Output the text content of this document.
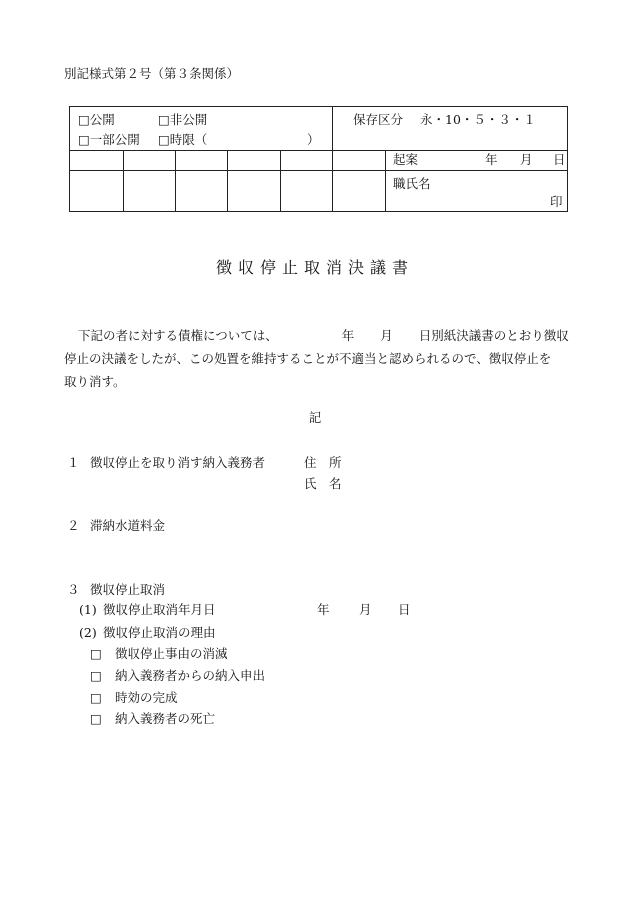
別記様式第２号（第３条関係）
□公開	□非公開
□一部公開 □時限（	）
保存区分 永・10・５・３・１
起案	年 月 日
職氏名
印
徴収停止取消決議書
下記の者に対する債権については、	年 月 日別紙決議書のとおり徴収
停止の決議をしたが、この処置を維持することが不適当と認められるので、徴収停止を
取り消す。
記
１ 徴収停止を取り消す納入義務者	住　所
氏　名
２ 滞納水道料金
３ 徴収停止取消
(1) 徴収停止取消年月日	年 月 日
(2) 徴収停止取消の理由
□ 徴収停止事由の消滅
□ 納入義務者からの納入申出
□ 時効の完成
□ 納入義務者の死亡
